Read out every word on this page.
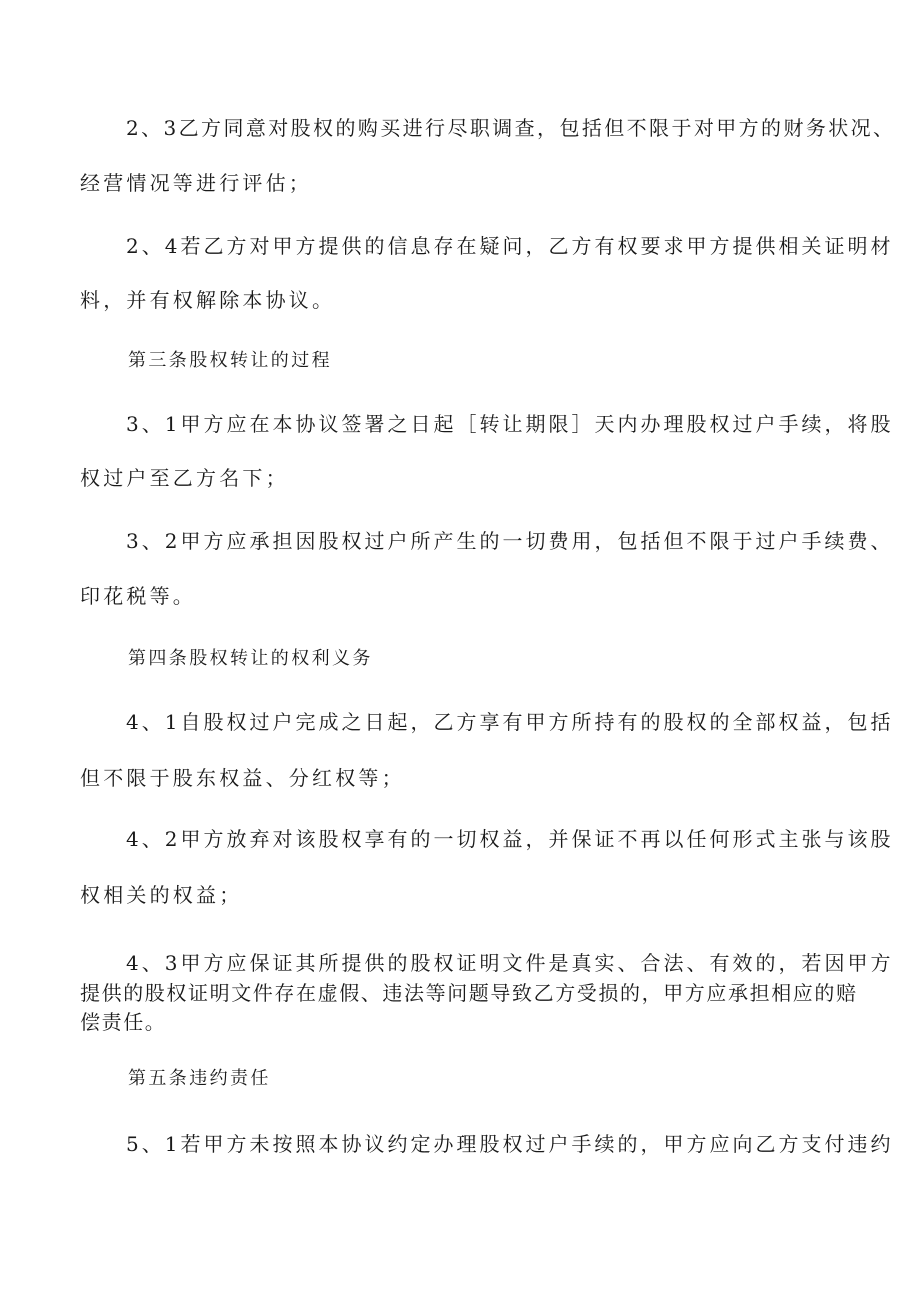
2、3乙方同意对股权的购买进行尽职调查，包括但不限于对甲方的财务状况、
经营情况等进行评估；
2、4若乙方对甲方提供的信息存在疑问，乙方有权要求甲方提供相关证明材
料，并有权解除本协议。
第三条股权转让的过程
3、1甲方应在本协议签署之日起［转让期限］天内办理股权过户手续，将股
权过户至乙方名下；
3、2甲方应承担因股权过户所产生的一切费用，包括但不限于过户手续费、
印花税等。
第四条股权转让的权利义务
4、1自股权过户完成之日起，乙方享有甲方所持有的股权的全部权益，包括
但不限于股东权益、分红权等；
4、2甲方放弃对该股权享有的一切权益，并保证不再以任何形式主张与该股
权相关的权益；
4、3甲方应保证其所提供的股权证明文件是真实、合法、有效的，若因甲方
提供的股权证明文件存在虚假、违法等问题导致乙方受损的，甲方应承担相应的赔
偿责任。
第五条违约责任
5、1若甲方未按照本协议约定办理股权过户手续的，甲方应向乙方支付违约
